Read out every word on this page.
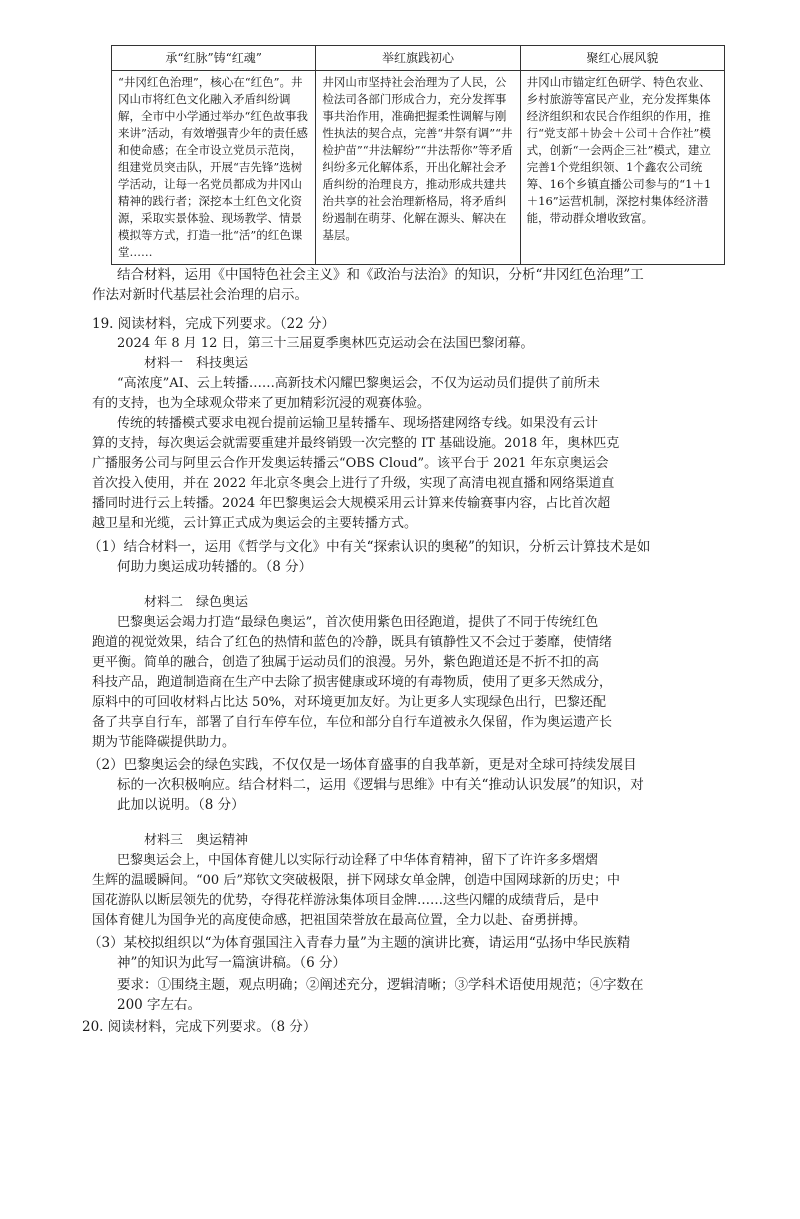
承“红脉”铸“红魂”	举红旗践初心	聚红心展风貌
“井冈红色治理”，核心在“红色”。井冈山市将红色文化融入矛盾纠纷调解，全市中小学通过举办“红色故事我来讲”活动，有效增强青少年的责任感和使命感；在全市设立党员示范岗，组建党员突击队，开展“吉先锋”选树学活动，让每一名党员都成为井冈山精神的践行者；深挖本土红色文化资源，采取实景体验、现场教学、情景模拟等方式，打造一批“活”的红色课堂……	井冈山市坚持社会治理为了人民，公检法司各部门形成合力，充分发挥事事共治作用，准确把握柔性调解与刚性执法的契合点，完善“井祭有调”“井检护苗”“井法解纷”“井法帮你”等矛盾纠纷多元化解体系，开出化解社会矛盾纠纷的治理良方，推动形成共建共治共享的社会治理新格局，将矛盾纠纷遏制在萌芽、化解在源头、解决在基层。	井冈山市锚定红色研学、特色农业、乡村旅游等富民产业，充分发挥集体经济组织和农民合作组织的作用，推行“党支部＋协会＋公司＋合作社”模式，创新“一会两企三社”模式，建立完善1个党组织领、1个鑫农公司统筹、16个乡镇直播公司参与的“1＋1＋16”运营机制，深挖村集体经济潜能，带动群众增收致富。
结合材料，运用《中国特色社会主义》和《政治与法治》的知识，分析“井冈红色治理”工
作法对新时代基层社会治理的启示。
19. 阅读材料，完成下列要求。（22 分）
2024 年 8 月 12 日，第三十三届夏季奥林匹克运动会在法国巴黎闭幕。
材料一　科技奥运
“高浓度”AI、云上转播……高新技术闪耀巴黎奥运会，不仅为运动员们提供了前所未
有的支持，也为全球观众带来了更加精彩沉浸的观赛体验。
传统的转播模式要求电视台提前运输卫星转播车、现场搭建网络专线。如果没有云计
算的支持，每次奥运会就需要重建并最终销毁一次完整的 IT 基础设施。2018 年，奥林匹克
广播服务公司与阿里云合作开发奥运转播云“OBS Cloud”。该平台于 2021 年东京奥运会
首次投入使用，并在 2022 年北京冬奥会上进行了升级，实现了高清电视直播和网络渠道直
播同时进行云上转播。2024 年巴黎奥运会大规模采用云计算来传输赛事内容，占比首次超
越卫星和光缆，云计算正式成为奥运会的主要转播方式。
（1）结合材料一，运用《哲学与文化》中有关“探索认识的奥秘”的知识，分析云计算技术是如
何助力奥运成功转播的。（8 分）
材料二　绿色奥运
巴黎奥运会竭力打造“最绿色奥运”，首次使用紫色田径跑道，提供了不同于传统红色
跑道的视觉效果，结合了红色的热情和蓝色的冷静，既具有镇静性又不会过于萎靡，使情绪
更平衡。简单的融合，创造了独属于运动员们的浪漫。另外，紫色跑道还是不折不扣的高
科技产品，跑道制造商在生产中去除了损害健康或环境的有毒物质，使用了更多天然成分，
原料中的可回收材料占比达 50%，对环境更加友好。为让更多人实现绿色出行，巴黎还配
备了共享自行车，部署了自行车停车位，车位和部分自行车道被永久保留，作为奥运遗产长
期为节能降碳提供助力。
（2）巴黎奥运会的绿色实践，不仅仅是一场体育盛事的自我革新，更是对全球可持续发展目
标的一次积极响应。结合材料二，运用《逻辑与思维》中有关“推动认识发展”的知识，对
此加以说明。（8 分）
材料三　奥运精神
巴黎奥运会上，中国体育健儿以实际行动诠释了中华体育精神，留下了许许多多熠熠
生辉的温暖瞬间。“00 后”郑钦文突破极限，拼下网球女单金牌，创造中国网球新的历史；中
国花游队以断层领先的优势，夺得花样游泳集体项目金牌……这些闪耀的成绩背后，是中
国体育健儿为国争光的高度使命感，把祖国荣誉放在最高位置，全力以赴、奋勇拼搏。
（3）某校拟组织以“为体育强国注入青春力量”为主题的演讲比赛，请运用“弘扬中华民族精
神”的知识为此写一篇演讲稿。（6 分）
要求：①围绕主题，观点明确；②阐述充分，逻辑清晰；③学科术语使用规范；④字数在
200 字左右。
20. 阅读材料，完成下列要求。（8 分）
